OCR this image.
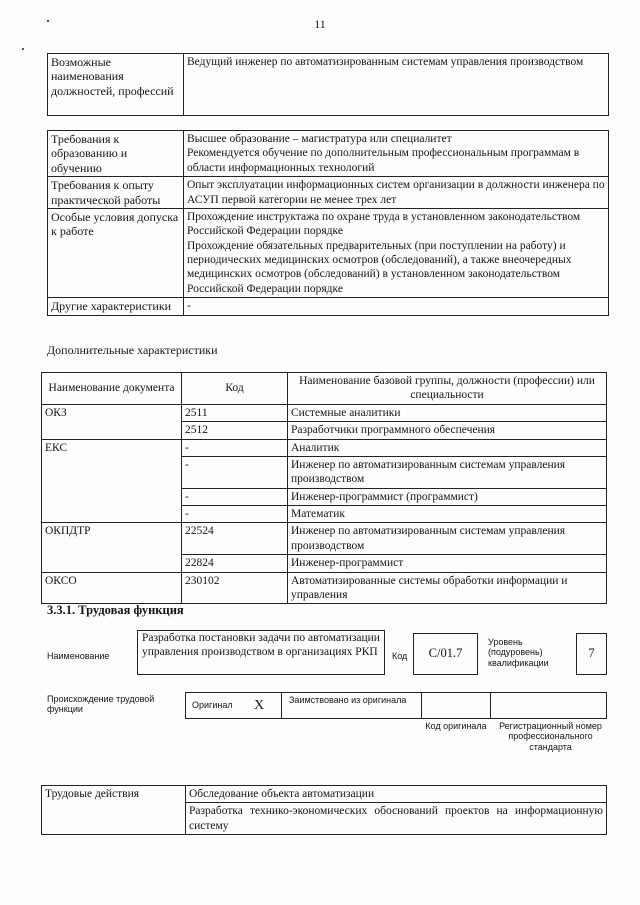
11
Возможные наименования должностей, профессий	Ведущий инженер по автоматизированным системам управления производством
Требования к образованию и обучению	Высшее образование – магистратура или специалитет
Рекомендуется обучение по дополнительным профессиональным программам в области информационных технологий

Требования к опыту практической работы	Опыт эксплуатации информационных систем организации в должности инженера по АСУП первой категории не менее трех лет

Особые условия допуска к работе	Прохождение инструктажа по охране труда в установленном законодательством Российской Федерации порядке
Прохождение обязательных предварительных (при поступлении на работу) и периодических медицинских осмотров (обследований), а также внеочередных медицинских осмотров (обследований) в установленном законодательством Российской Федерации порядке

Другие характеристики	-
Дополнительные характеристики
Наименование документа	Код	Наименование базовой группы, должности (профессии) или специальности
ОКЗ	2511	Системные аналитики
	2512	Разработчики программного обеспечения
ЕКС	-	Аналитик
	-	Инженер по автоматизированным системам управления производством
	-	Инженер-программист (программист)
	-	Математик
ОКПДТР	22524	Инженер по автоматизированным системам управления производством
	22824	Инженер-программист
ОКСО	230102	Автоматизированные системы обработки информации и управления
3.3.1. Трудовая функция
Наименование
Разработка постановки задачи по автоматизации управления производством в организациях РКП	Код	С/01.7
Уровень (подуровень) квалификации
7
Происхождение трудовой функции	Оригинал X	Заимствовано из оригинала
Код оригинала	Регистрационный номер профессионального стандарта
Трудовые действия	Обследование объекта автоматизации
Разработка технико-экономических обоснований проектов на информационную систему
